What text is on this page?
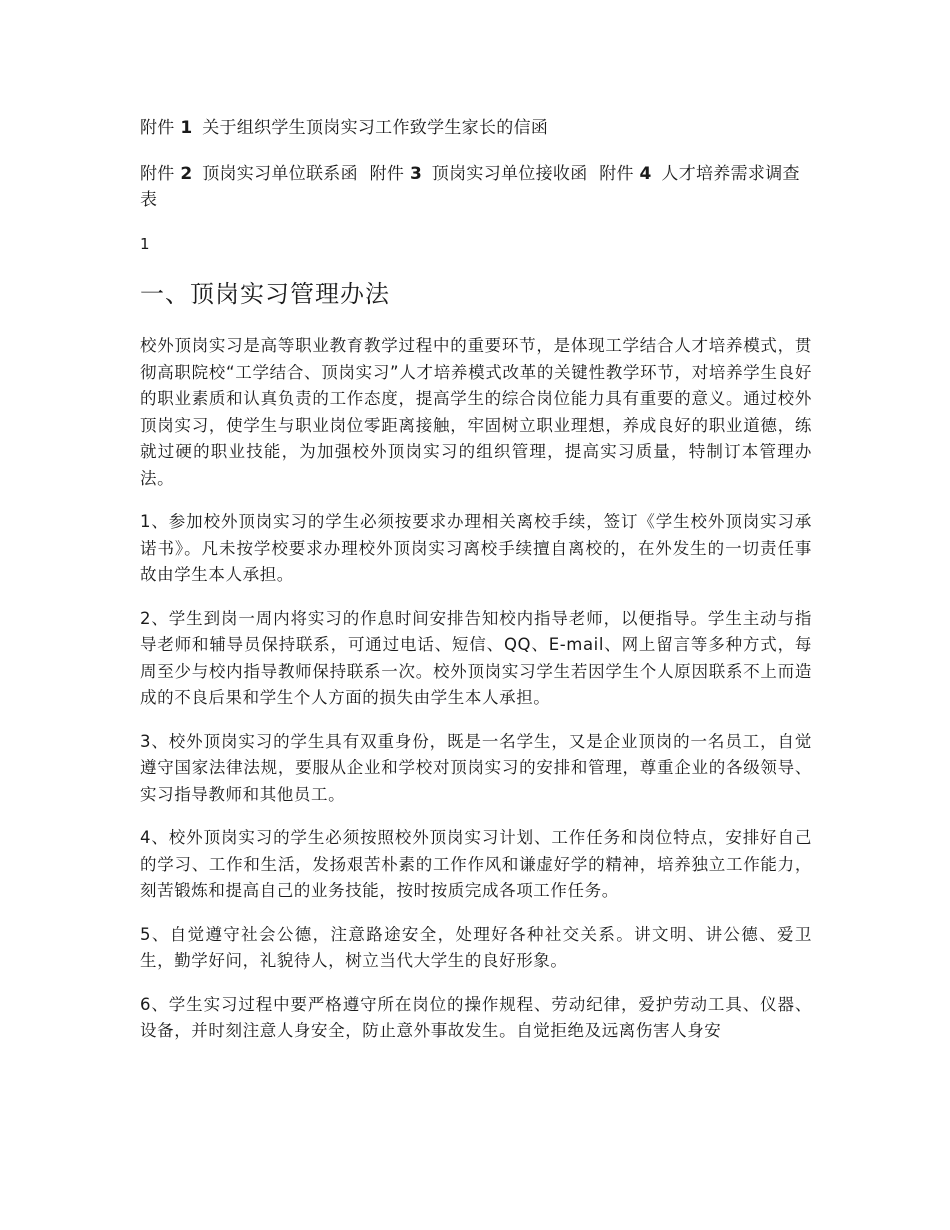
附件 1 关于组织学生顶岗实习工作致学生家长的信函
附件 2 顶岗实习单位联系函 附件 3 顶岗实习单位接收函 附件 4 人才培养需求调查表
1
一、顶岗实习管理办法

校外顶岗实习是高等职业教育教学过程中的重要环节，是体现工学结合人才培养模式，贯彻高职院校“工学结合、顶岗实习”人才培养模式改革的关键性教学环节，对培养学生良好的职业素质和认真负责的工作态度，提高学生的综合岗位能力具有重要的意义。通过校外顶岗实习，使学生与职业岗位零距离接触，牢固树立职业理想，养成良好的职业道德，练就过硬的职业技能，为加强校外顶岗实习的组织管理，提高实习质量，特制订本管理办法。

1、参加校外顶岗实习的学生必须按要求办理相关离校手续，签订《学生校外顶岗实习承诺书》。凡未按学校要求办理校外顶岗实习离校手续擅自离校的，在外发生的一切责任事故由学生本人承担。

2、学生到岗一周内将实习的作息时间安排告知校内指导老师，以便指导。学生主动与指导老师和辅导员保持联系，可通过电话、短信、QQ、E-mail、网上留言等多种方式，每周至少与校内指导教师保持联系一次。校外顶岗实习学生若因学生个人原因联系不上而造成的不良后果和学生个人方面的损失由学生本人承担。

3、校外顶岗实习的学生具有双重身份，既是一名学生，又是企业顶岗的一名员工，自觉遵守国家法律法规，要服从企业和学校对顶岗实习的安排和管理，尊重企业的各级领导、实习指导教师和其他员工。

4、校外顶岗实习的学生必须按照校外顶岗实习计划、工作任务和岗位特点，安排好自己的学习、工作和生活，发扬艰苦朴素的工作作风和谦虚好学的精神，培养独立工作能力，刻苦锻炼和提高自己的业务技能，按时按质完成各项工作任务。

5、自觉遵守社会公德，注意路途安全，处理好各种社交关系。讲文明、讲公德、爱卫生，勤学好问，礼貌待人，树立当代大学生的良好形象。

6、学生实习过程中要严格遵守所在岗位的操作规程、劳动纪律，爱护劳动工具、仪器、设备，并时刻注意人身安全，防止意外事故发生。自觉拒绝及远离伤害人身安
